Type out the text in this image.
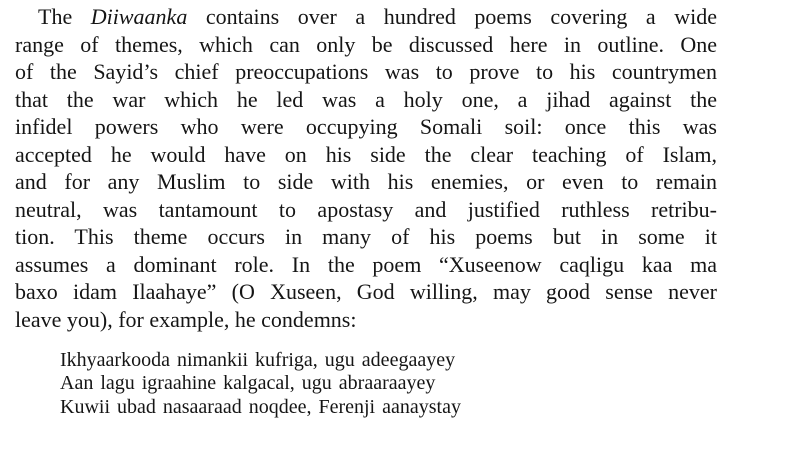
The Diiwaanka contains over a hundred poems covering a wide
range of themes, which can only be discussed here in outline. One
of the Sayid’s chief preoccupations was to prove to his countrymen
that the war which he led was a holy one, a jihad against the
infidel powers who were occupying Somali soil: once this was
accepted he would have on his side the clear teaching of Islam,
and for any Muslim to side with his enemies, or even to remain
neutral, was tantamount to apostasy and justified ruthless retribu-
tion. This theme occurs in many of his poems but in some it
assumes a dominant role. In the poem “Xuseenow caqligu kaa ma
baxo idam Ilaahaye” (O Xuseen, God willing, may good sense never
leave you), for example, he condemns:
Ikhyaarkooda nimankii kufriga, ugu adeegaayey
Aan lagu igraahine kalgacal, ugu abraaraayey
Kuwii ubad nasaaraad noqdee, Ferenji aanaystay
